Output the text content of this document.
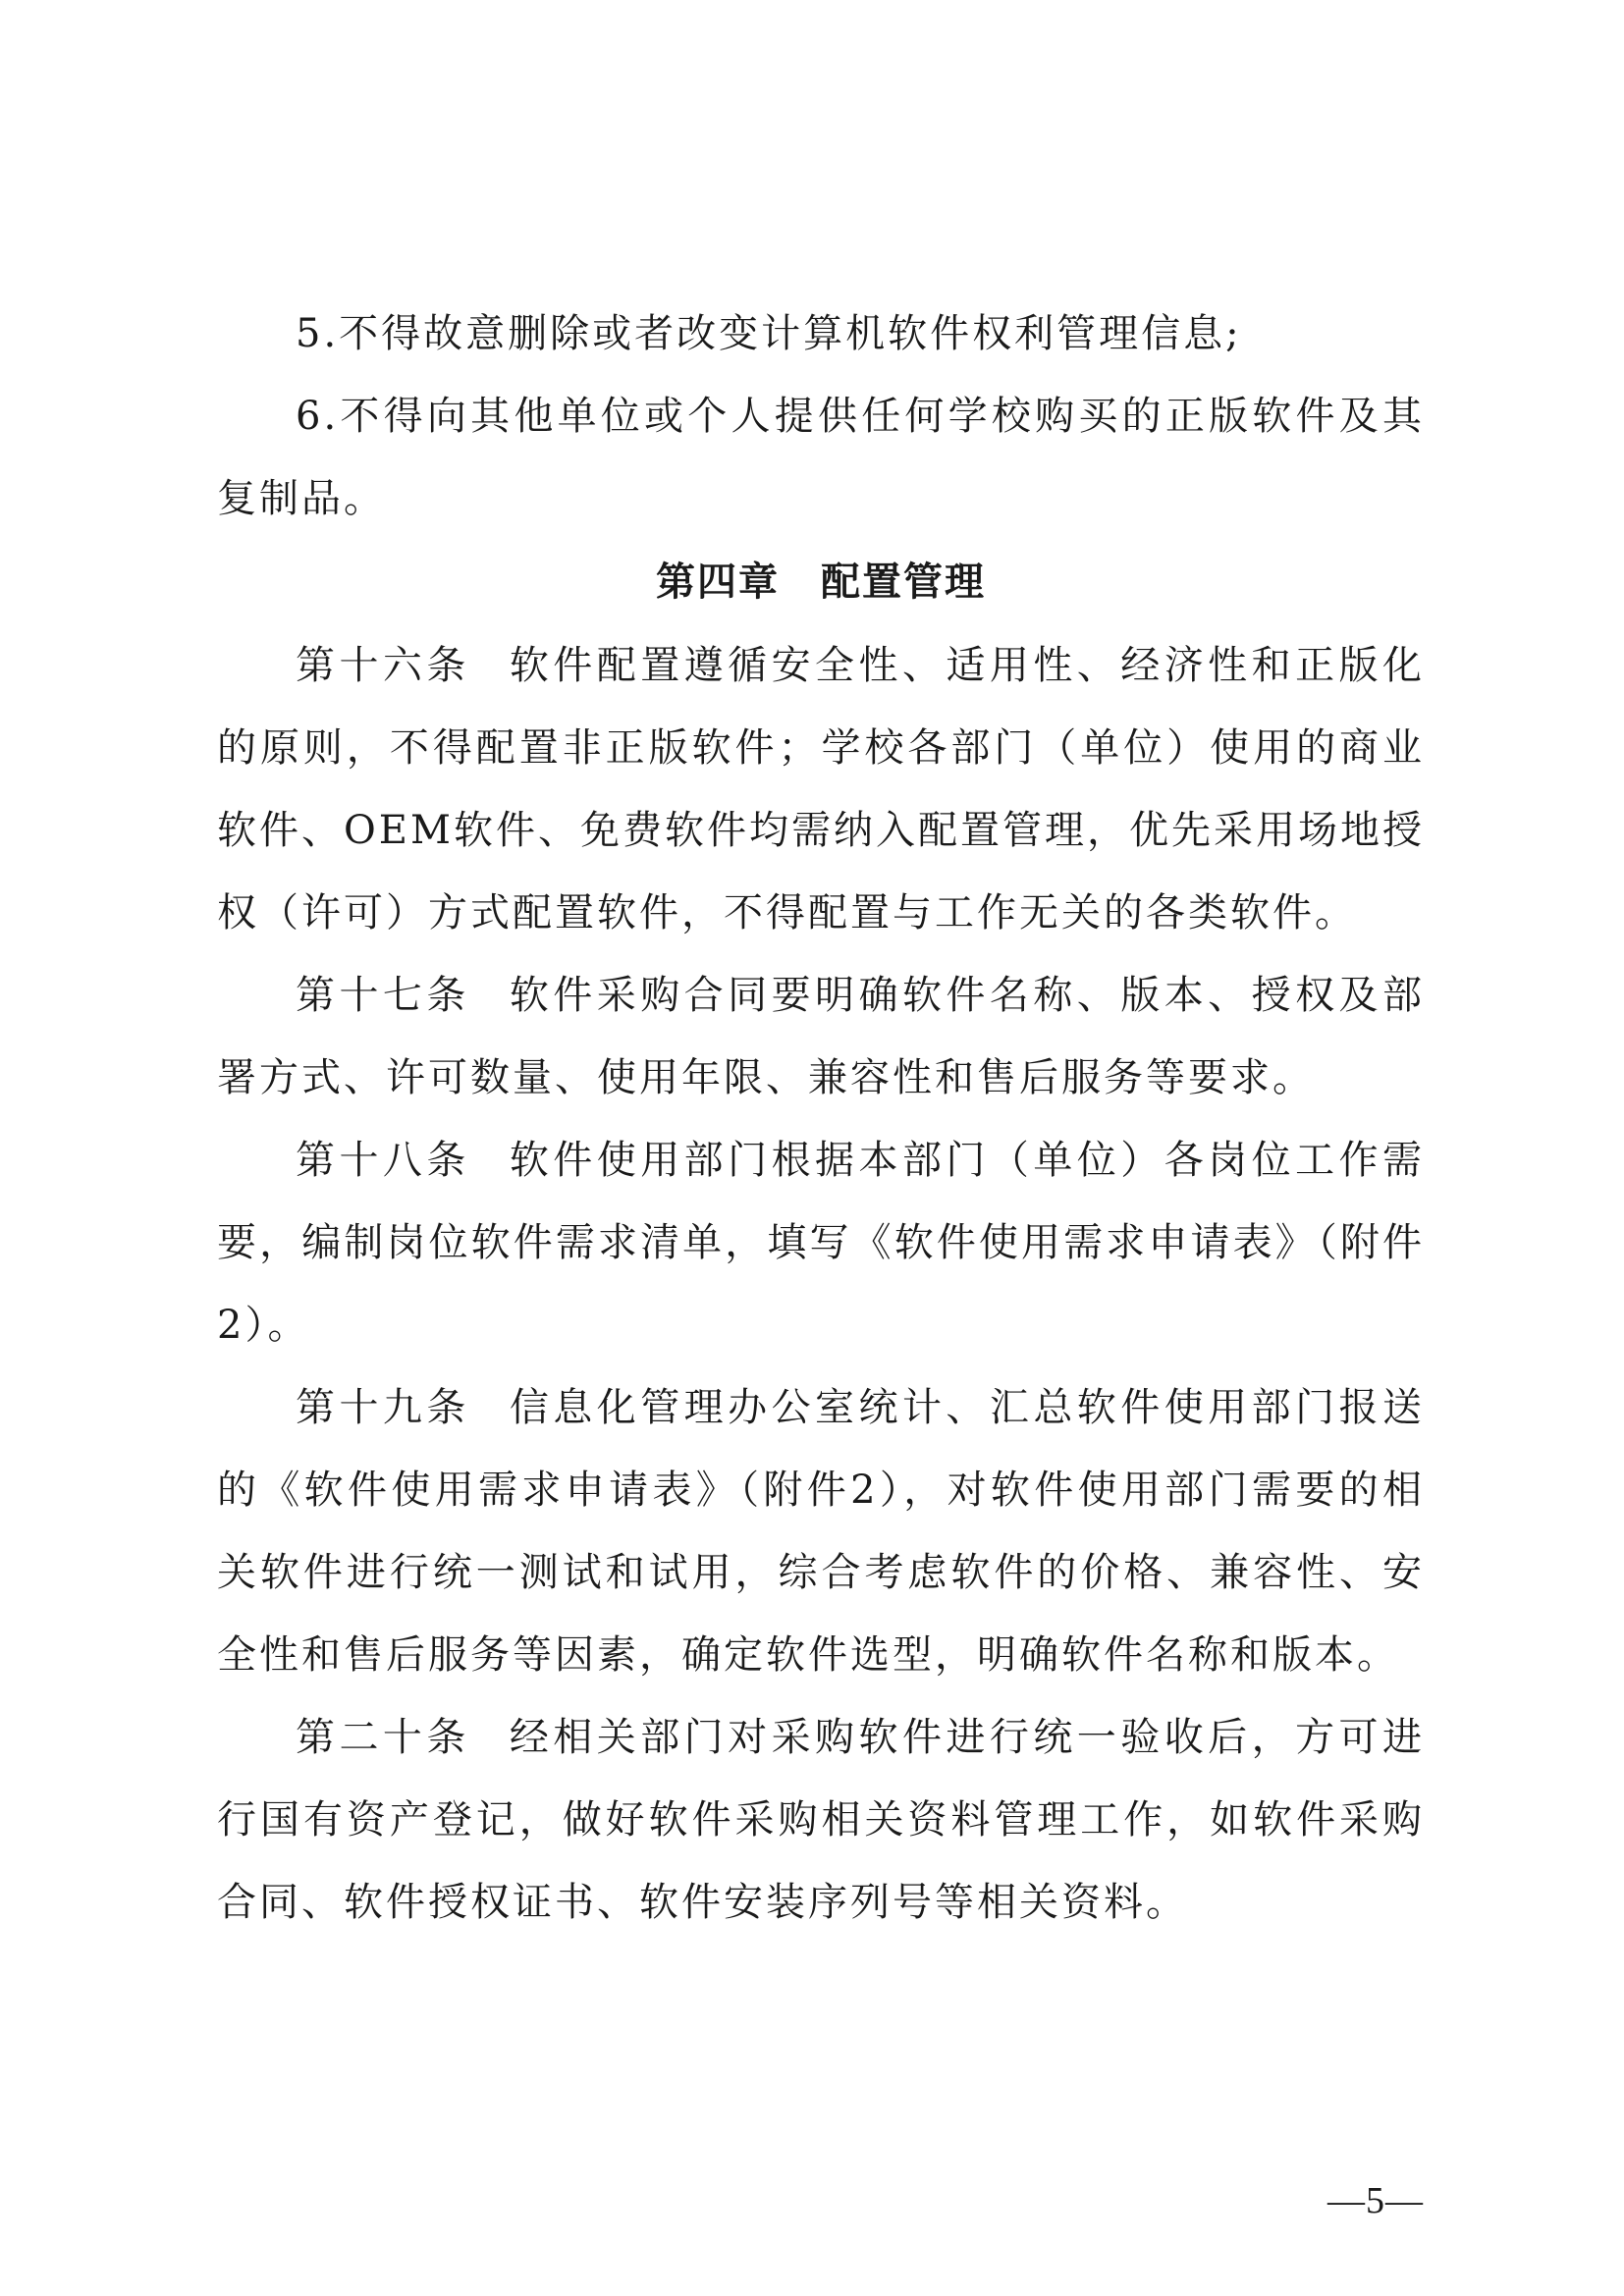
5.不得故意删除或者改变计算机软件权利管理信息;

6.不得向其他单位或个人提供任何学校购买的正版软件及其复制品。

第四章　配置管理

第十六条 软件配置遵循安全性、适用性、经济性和正版化的原则，不得配置非正版软件；学校各部门（单位）使用的商业软件、OEM软件、免费软件均需纳入配置管理，优先采用场地授权（许可）方式配置软件，不得配置与工作无关的各类软件。

第十七条 软件采购合同要明确软件名称、版本、授权及部署方式、许可数量、使用年限、兼容性和售后服务等要求。

第十八条 软件使用部门根据本部门（单位）各岗位工作需要，编制岗位软件需求清单，填写《软件使用需求申请表》（附件2）。

第十九条 信息化管理办公室统计、汇总软件使用部门报送的《软件使用需求申请表》（附件2），对软件使用部门需要的相关软件进行统一测试和试用，综合考虑软件的价格、兼容性、安全性和售后服务等因素，确定软件选型，明确软件名称和版本。

第二十条 经相关部门对采购软件进行统一验收后，方可进行国有资产登记，做好软件采购相关资料管理工作，如软件采购合同、软件授权证书、软件安装序列号等相关资料。

—5—
